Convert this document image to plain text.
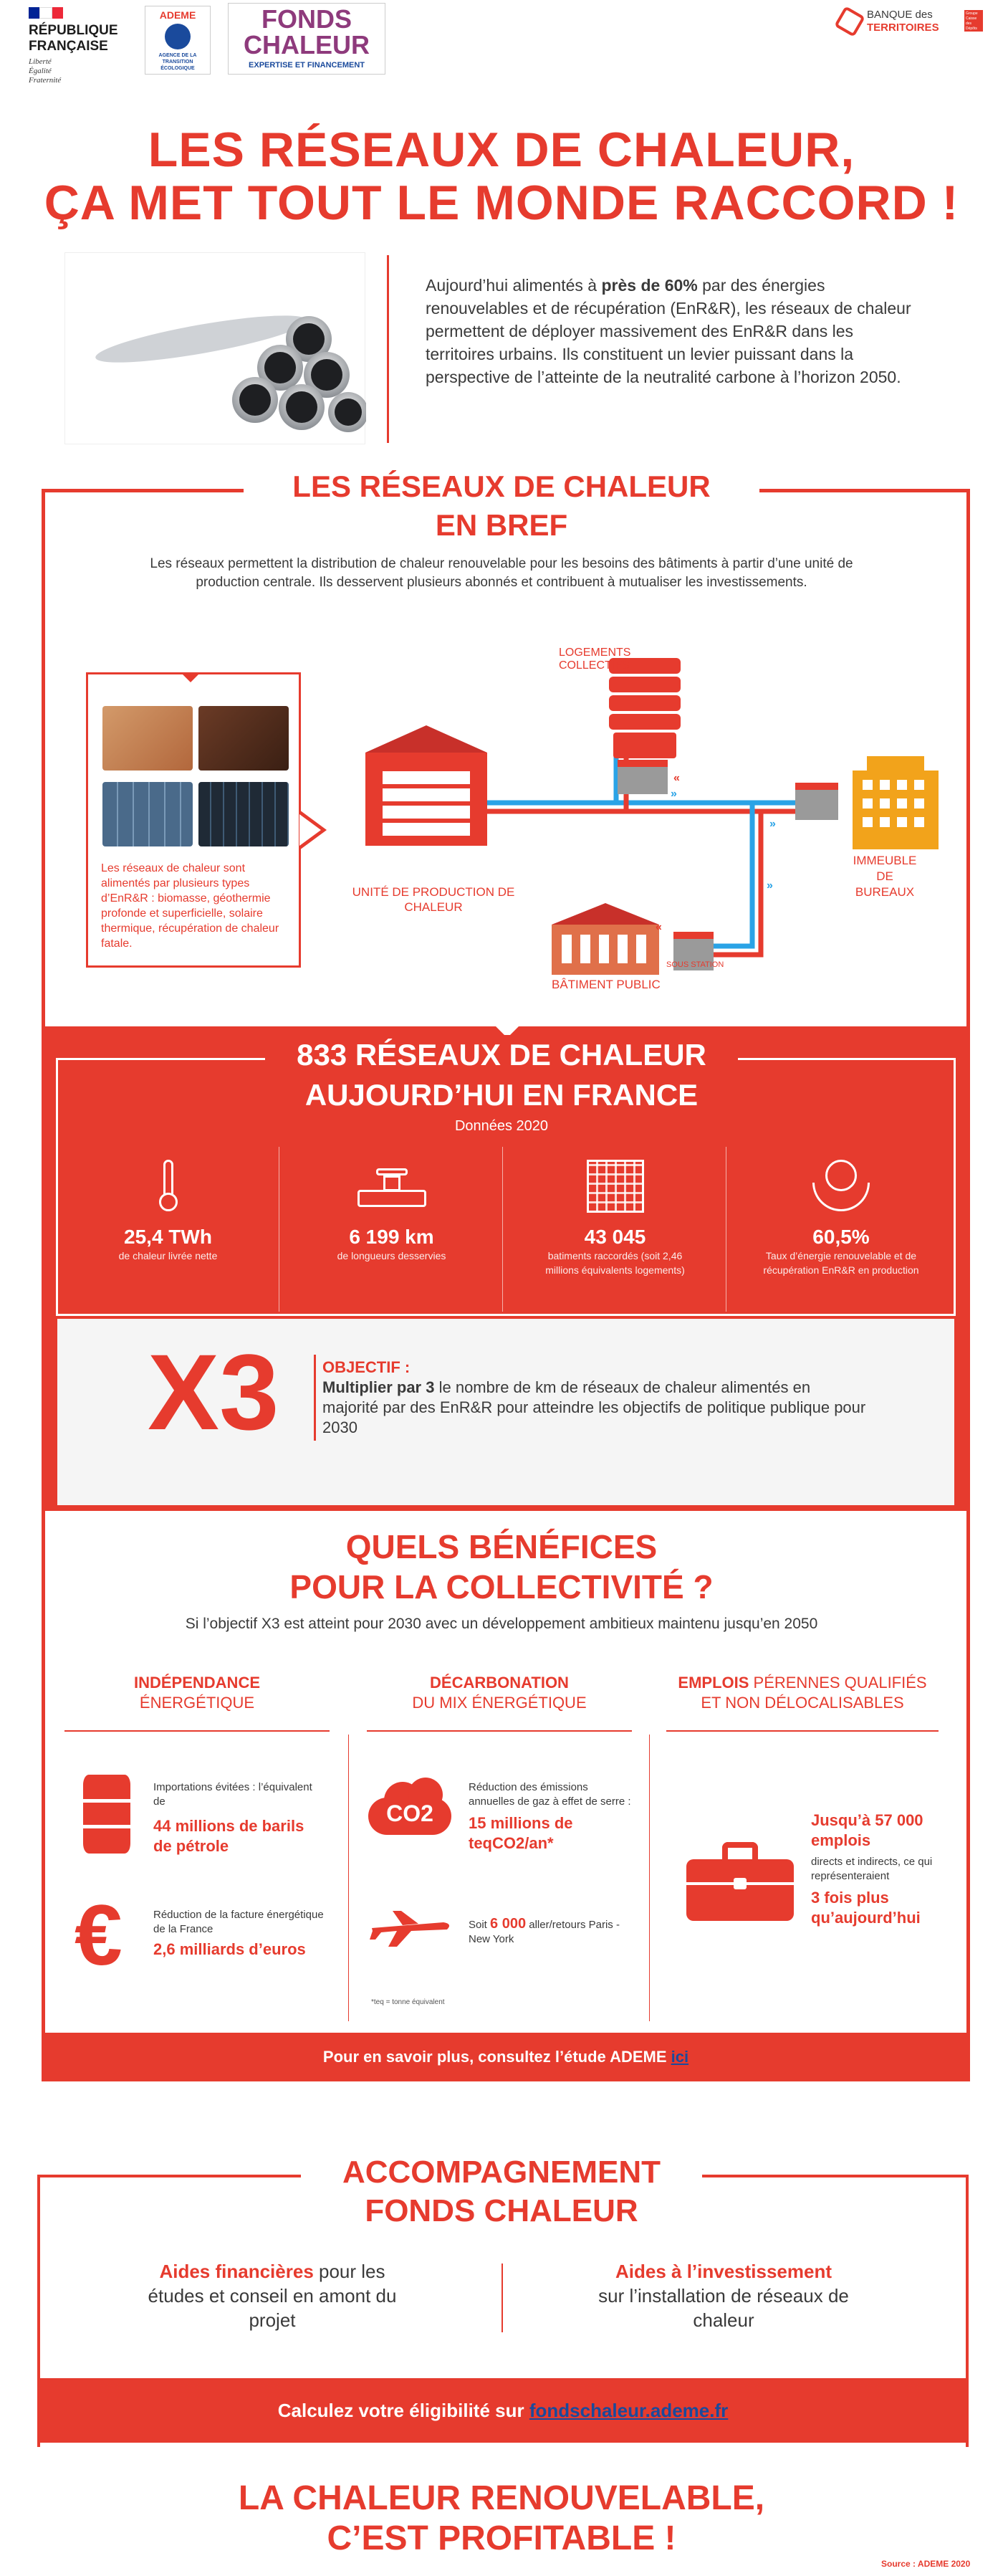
RÉPUBLIQUE
FRANÇAISE
Liberté
Égalité
Fraternité
ADEME
AGENCE DE LA TRANSITION ÉCOLOGIQUE
FONDS
CHALEUR
EXPERTISE ET FINANCEMENT
BANQUE des
TERRITOIRES
Groupe Caisse des Dépôts
LES RÉSEAUX DE CHALEUR,
ÇA MET TOUT LE MONDE RACCORD !
Aujourd’hui alimentés à près de 60% par des énergies renouvelables et de récupération (EnR&R), les réseaux de chaleur permettent de déployer massivement des EnR&R dans les territoires urbains. Ils constituent un levier puissant dans la perspective de l’atteinte de la neutralité carbone à l’horizon 2050.
LES RÉSEAUX DE CHALEUR
EN BREF
Les réseaux permettent la distribution de chaleur renouvelable pour les besoins des bâtiments à partir d’une unité de production centrale. Ils desservent plusieurs abonnés et contribuent à mutualiser les investissements.
Les réseaux de chaleur sont alimentés par plusieurs types d’EnR&R : biomasse, géothermie profonde et superficielle, solaire thermique, récupération de chaleur fatale.
«
«
»
»
»
LOGEMENTS COLLECTIFS
UNITÉ DE PRODUCTION DE CHALEUR
IMMEUBLE DE BUREAUX
BÂTIMENT PUBLIC
SOUS STATION
833 RÉSEAUX DE CHALEUR
AUJOURD’HUI EN FRANCE
Données 2020
25,4 TWh
de chaleur livrée nette
6 199 km
de longueurs desservies
43 045
batiments raccordés (soit 2,46 millions équivalents logements)
60,5%
Taux d’énergie renouvelable et de récupération EnR&R en production
X3	OBJECTIF :
Multiplier par 3 le nombre de km de réseaux de chaleur alimentés en majorité par des EnR&R pour atteindre les objectifs de politique publique pour 2030
QUELS BÉNÉFICES
POUR LA COLLECTIVITÉ ?
Si l’objectif X3 est atteint pour 2030 avec un développement ambitieux maintenu jusqu’en 2050
INDÉPENDANCE
ÉNERGÉTIQUE
DÉCARBONATION
DU MIX ÉNERGÉTIQUE
EMPLOIS PÉRENNES QUALIFIÉS ET NON DÉLOCALISABLES
Importations évitées : l’équivalent de
44 millions de barils de pétrole
€	Réduction de la facture énergétique de la France
2,6 milliards d’euros
CO2
Réduction des émissions annuelles de gaz à effet de serre :
15 millions de teqCO2/an*
Soit 6 000 aller/retours Paris - New York
*teq = tonne équivalent
Jusqu’à 57 000 emplois
directs et indirects, ce qui représenteraient
3 fois plus qu’aujourd’hui
Pour en savoir plus, consultez l’étude ADEME ici
ACCOMPAGNEMENT
FONDS CHALEUR
Aides financières pour les études et conseil en amont du projet
Aides à l’investissement
sur l’installation de réseaux de chaleur
Calculez votre éligibilité sur fondschaleur.ademe.fr
LA CHALEUR RENOUVELABLE,
C’EST PROFITABLE !
Source : ADEME 2020
